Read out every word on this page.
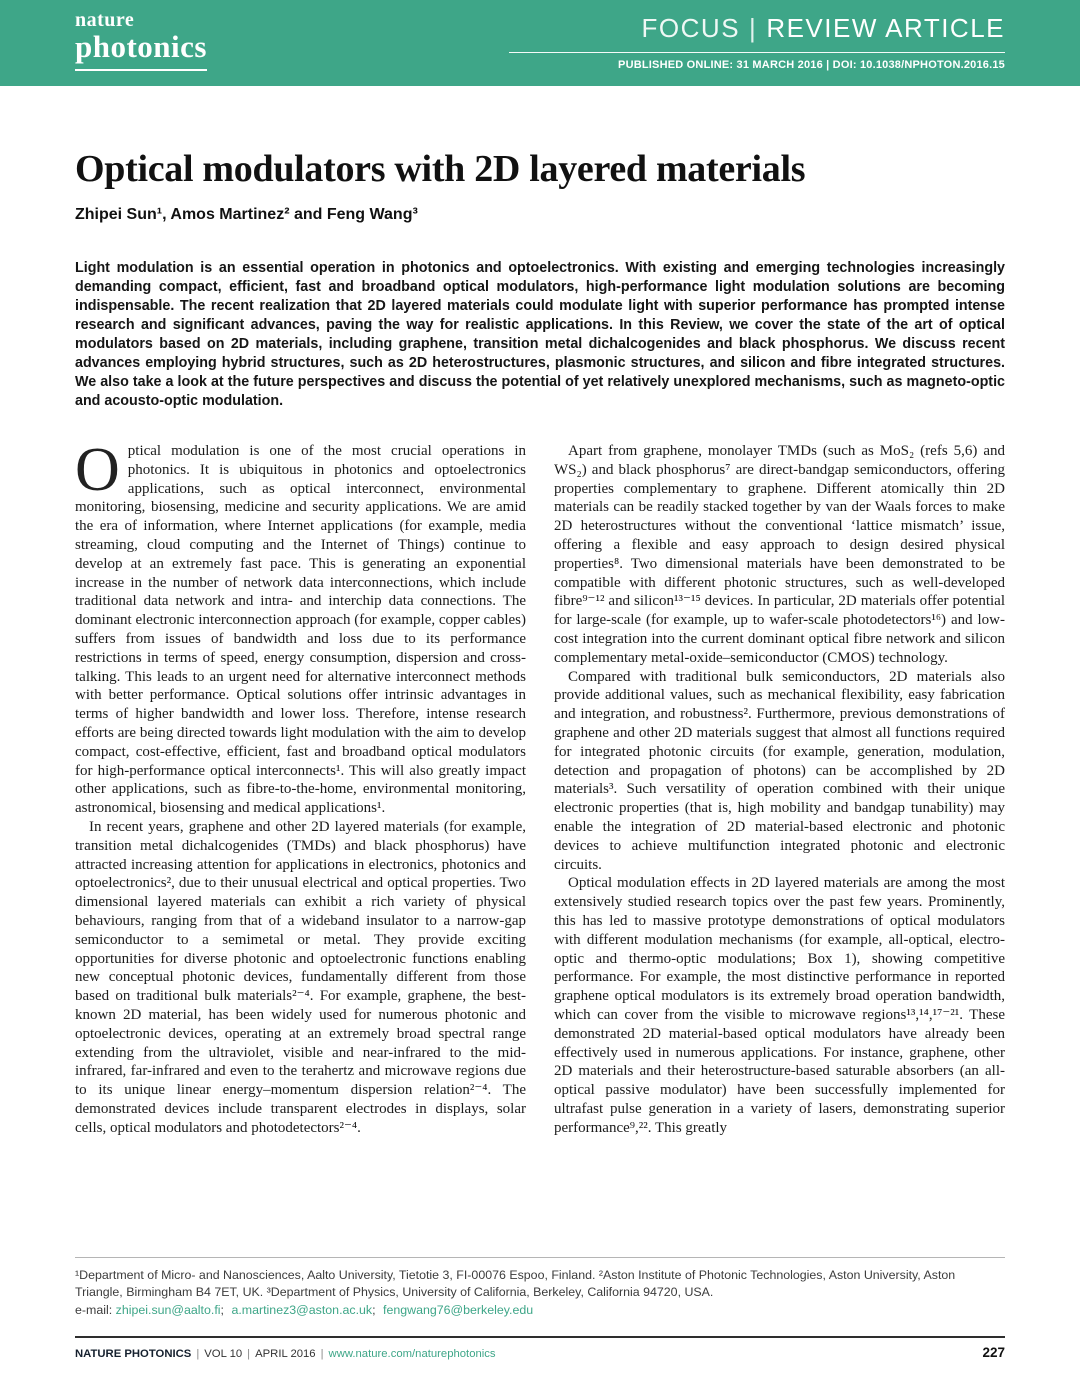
nature
photonics
FOCUS | REVIEW ARTICLE
PUBLISHED ONLINE: 31 MARCH 2016 | DOI: 10.1038/NPHOTON.2016.15
Optical modulators with 2D layered materials
Zhipei Sun¹, Amos Martinez² and Feng Wang³

Light modulation is an essential operation in photonics and optoelectronics. With existing and emerging technologies increasingly demanding compact, efficient, fast and broadband optical modulators, high-performance light modulation solutions are becoming indispensable. The recent realization that 2D layered materials could modulate light with superior performance has prompted intense research and significant advances, paving the way for realistic applications. In this Review, we cover the state of the art of optical modulators based on 2D materials, including graphene, transition metal dichalcogenides and black phosphorus. We discuss recent advances employing hybrid structures, such as 2D heterostructures, plasmonic structures, and silicon and fibre integrated structures. We also take a look at the future perspectives and discuss the potential of yet relatively unexplored mechanisms, such as magneto-optic and acousto-optic modulation.

Optical modulation is one of the most crucial operations in photonics. It is ubiquitous in photonics and optoelectronics applications, such as optical interconnect, environmental monitoring, biosensing, medicine and security applications. We are amid the era of information, where Internet applications (for example, media streaming, cloud computing and the Internet of Things) continue to develop at an extremely fast pace. This is generating an exponential increase in the number of network data interconnections, which include traditional data network and intra- and interchip data connections. The dominant electronic interconnection approach (for example, copper cables) suffers from issues of bandwidth and loss due to its performance restrictions in terms of speed, energy consumption, dispersion and cross-talking. This leads to an urgent need for alternative interconnect methods with better performance. Optical solutions offer intrinsic advantages in terms of higher bandwidth and lower loss. Therefore, intense research efforts are being directed towards light modulation with the aim to develop compact, cost-effective, efficient, fast and broadband optical modulators for high-performance optical interconnects¹. This will also greatly impact other applications, such as fibre-to-the-home, environmental monitoring, astronomical, biosensing and medical applications¹.

In recent years, graphene and other 2D layered materials (for example, transition metal dichalcogenides (TMDs) and black phosphorus) have attracted increasing attention for applications in electronics, photonics and optoelectronics², due to their unusual electrical and optical properties. Two dimensional layered materials can exhibit a rich variety of physical behaviours, ranging from that of a wideband insulator to a narrow-gap semiconductor to a semimetal or metal. They provide exciting opportunities for diverse photonic and optoelectronic functions enabling new conceptual photonic devices, fundamentally different from those based on traditional bulk materials²⁻⁴. For example, graphene, the best-known 2D material, has been widely used for numerous photonic and optoelectronic devices, operating at an extremely broad spectral range extending from the ultraviolet, visible and near-infrared to the mid-infrared, far-infrared and even to the terahertz and microwave regions due to its unique linear energy–momentum dispersion relation²⁻⁴. The demonstrated devices include transparent electrodes in displays, solar cells, optical modulators and photodetectors²⁻⁴.

Apart from graphene, monolayer TMDs (such as MoS₂ (refs 5,6) and WS₂) and black phosphorus⁷ are direct-bandgap semiconductors, offering properties complementary to graphene. Different atomically thin 2D materials can be readily stacked together by van der Waals forces to make 2D heterostructures without the conventional ‘lattice mismatch’ issue, offering a flexible and easy approach to design desired physical properties⁸. Two dimensional materials have been demonstrated to be compatible with different photonic structures, such as well-developed fibre⁹⁻¹² and silicon¹³⁻¹⁵ devices. In particular, 2D materials offer potential for large-scale (for example, up to wafer-scale photodetectors¹⁶) and low-cost integration into the current dominant optical fibre network and silicon complementary metal-oxide–semiconductor (CMOS) technology.

Compared with traditional bulk semiconductors, 2D materials also provide additional values, such as mechanical flexibility, easy fabrication and integration, and robustness². Furthermore, previous demonstrations of graphene and other 2D materials suggest that almost all functions required for integrated photonic circuits (for example, generation, modulation, detection and propagation of photons) can be accomplished by 2D materials³. Such versatility of operation combined with their unique electronic properties (that is, high mobility and bandgap tunability) may enable the integration of 2D material-based electronic and photonic devices to achieve multifunction integrated photonic and electronic circuits.

Optical modulation effects in 2D layered materials are among the most extensively studied research topics over the past few years. Prominently, this has led to massive prototype demonstrations of optical modulators with different modulation mechanisms (for example, all-optical, electro-optic and thermo-optic modulations; Box 1), showing competitive performance. For example, the most distinctive performance in reported graphene optical modulators is its extremely broad operation bandwidth, which can cover from the visible to microwave regions¹³,¹⁴,¹⁷⁻²¹. These demonstrated 2D material-based optical modulators have already been effectively used in numerous applications. For instance, graphene, other 2D materials and their heterostructure-based saturable absorbers (an all-optical passive modulator) have been successfully implemented for ultrafast pulse generation in a variety of lasers, demonstrating superior performance⁹,²². This greatly

¹Department of Micro- and Nanosciences, Aalto University, Tietotie 3, FI-00076 Espoo, Finland. ²Aston Institute of Photonic Technologies, Aston University, Aston Triangle, Birmingham B4 7ET, UK. ³Department of Physics, University of California, Berkeley, California 94720, USA.
e-mail: zhipei.sun@aalto.fi; a.martinez3@aston.ac.uk; fengwang76@berkeley.edu
NATURE PHOTONICS | VOL 10 | APRIL 2016 | www.nature.com/naturephotonics	227
